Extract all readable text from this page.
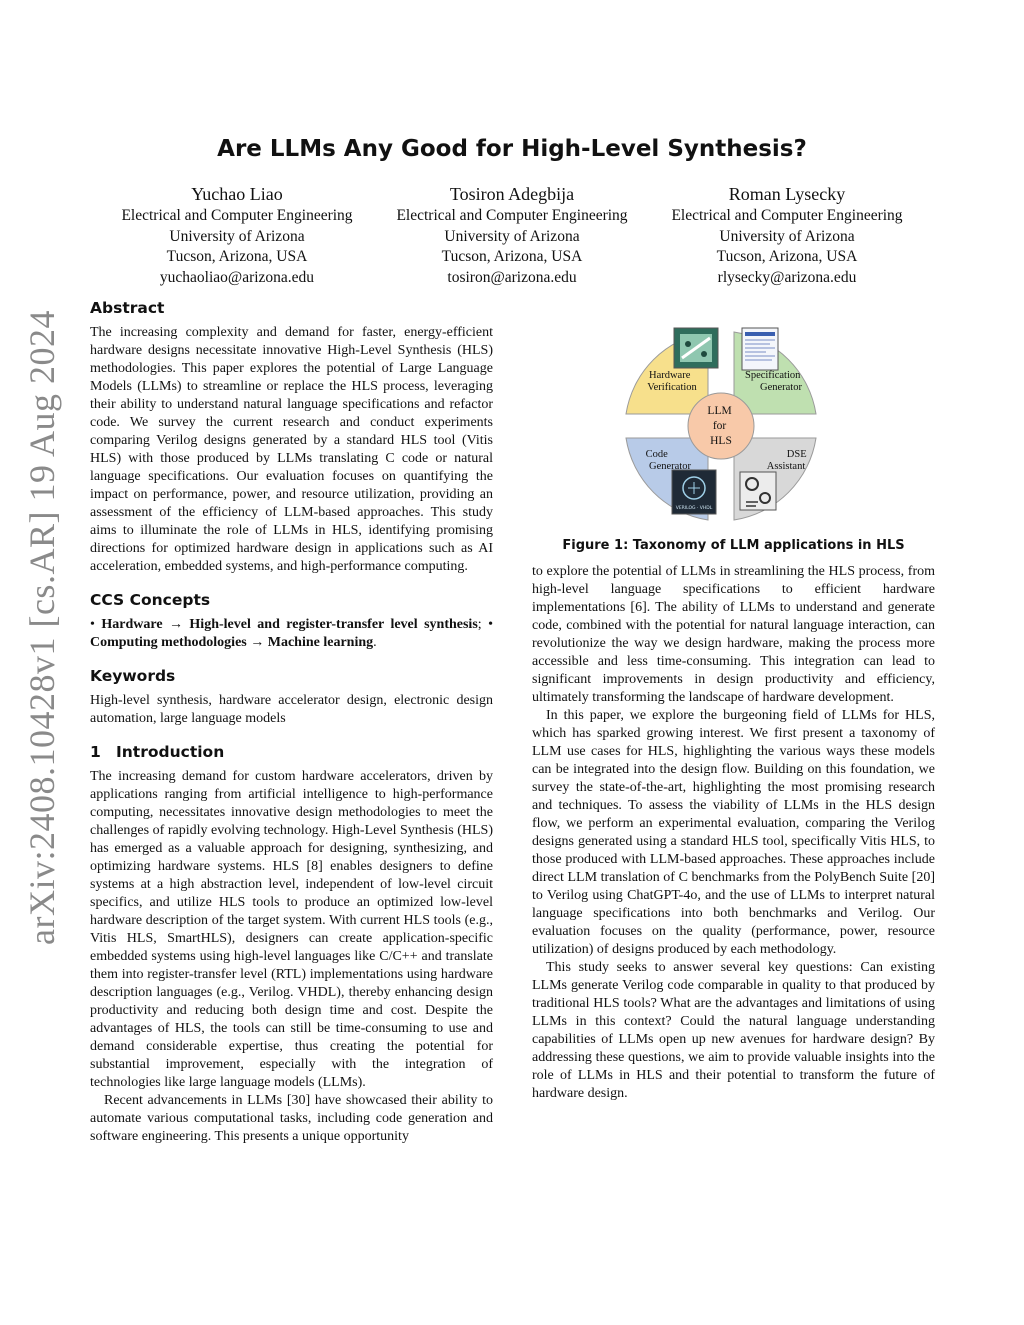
arXiv:2408.10428v1 [cs.AR] 19 Aug 2024
Are LLMs Any Good for High-Level Synthesis?
Yuchao Liao
Electrical and Computer Engineering
University of Arizona
Tucson, Arizona, USA
yuchaoliao@arizona.edu
Tosiron Adegbija
Electrical and Computer Engineering
University of Arizona
Tucson, Arizona, USA
tosiron@arizona.edu
Roman Lysecky
Electrical and Computer Engineering
University of Arizona
Tucson, Arizona, USA
rlysecky@arizona.edu
Abstract

The increasing complexity and demand for faster, energy-efficient hardware designs necessitate innovative High-Level Synthesis (HLS) methodologies. This paper explores the potential of Large Language Models (LLMs) to streamline or replace the HLS process, leveraging their ability to understand natural language specifications and refactor code. We survey the current research and conduct experiments comparing Verilog designs generated by a standard HLS tool (Vitis HLS) with those produced by LLMs translating C code or natural language specifications. Our evaluation focuses on quantifying the impact on performance, power, and resource utilization, providing an assessment of the efficiency of LLM-based approaches. This study aims to illuminate the role of LLMs in HLS, identifying promising directions for optimized hardware design in applications such as AI acceleration, embedded systems, and high-performance computing.

CCS Concepts

• Hardware → High-level and register-transfer level synthesis; • Computing methodologies → Machine learning.

Keywords

High-level synthesis, hardware accelerator design, electronic design automation, large language models

1 Introduction

The increasing demand for custom hardware accelerators, driven by applications ranging from artificial intelligence to high-performance computing, necessitates innovative design methodologies to meet the challenges of rapidly evolving technology. High-Level Synthesis (HLS) has emerged as a valuable approach for designing, synthesizing, and optimizing hardware systems. HLS [8] enables designers to define systems at a high abstraction level, independent of low-level circuit specifics, and utilize HLS tools to produce an optimized low-level hardware description of the target system. With current HLS tools (e.g., Vitis HLS, SmartHLS), designers can create application-specific embedded systems using high-level languages like C/C++ and translate them into register-transfer level (RTL) implementations using hardware description languages (e.g., Verilog. VHDL), thereby enhancing design productivity and reducing both design time and cost. Despite the advantages of HLS, the tools can still be time-consuming to use and demand considerable expertise, thus creating the potential for substantial improvement, especially with the integration of technologies like large language models (LLMs).

Recent advancements in LLMs [30] have showcased their ability to automate various computational tasks, including code generation and software engineering. This presents a unique opportunity

VERILOG · VHDL
LLM for HLS
Hardware Verification
Specification Generator
Code Generator
DSE Assistant
Figure 1: Taxonomy of LLM applications in HLS

to explore the potential of LLMs in streamlining the HLS process, from high-level language specifications to efficient hardware implementations [6]. The ability of LLMs to understand and generate code, combined with the potential for natural language interaction, can revolutionize the way we design hardware, making the process more accessible and less time-consuming. This integration can lead to significant improvements in design productivity and efficiency, ultimately transforming the landscape of hardware development.

In this paper, we explore the burgeoning field of LLMs for HLS, which has sparked growing interest. We first present a taxonomy of LLM use cases for HLS, highlighting the various ways these models can be integrated into the design flow. Building on this foundation, we survey the state-of-the-art, highlighting the most promising research and techniques. To assess the viability of LLMs in the HLS design flow, we perform an experimental evaluation, comparing the Verilog designs generated using a standard HLS tool, specifically Vitis HLS, to those produced with LLM-based approaches. These approaches include direct LLM translation of C benchmarks from the PolyBench Suite [20] to Verilog using ChatGPT-4o, and the use of LLMs to interpret natural language specifications into both benchmarks and Verilog. Our evaluation focuses on the quality (performance, power, resource utilization) of designs produced by each methodology.

This study seeks to answer several key questions: Can existing LLMs generate Verilog code comparable in quality to that produced by traditional HLS tools? What are the advantages and limitations of using LLMs in this context? Could the natural language understanding capabilities of LLMs open up new avenues for hardware design? By addressing these questions, we aim to provide valuable insights into the role of LLMs in HLS and their potential to transform the future of hardware design.
